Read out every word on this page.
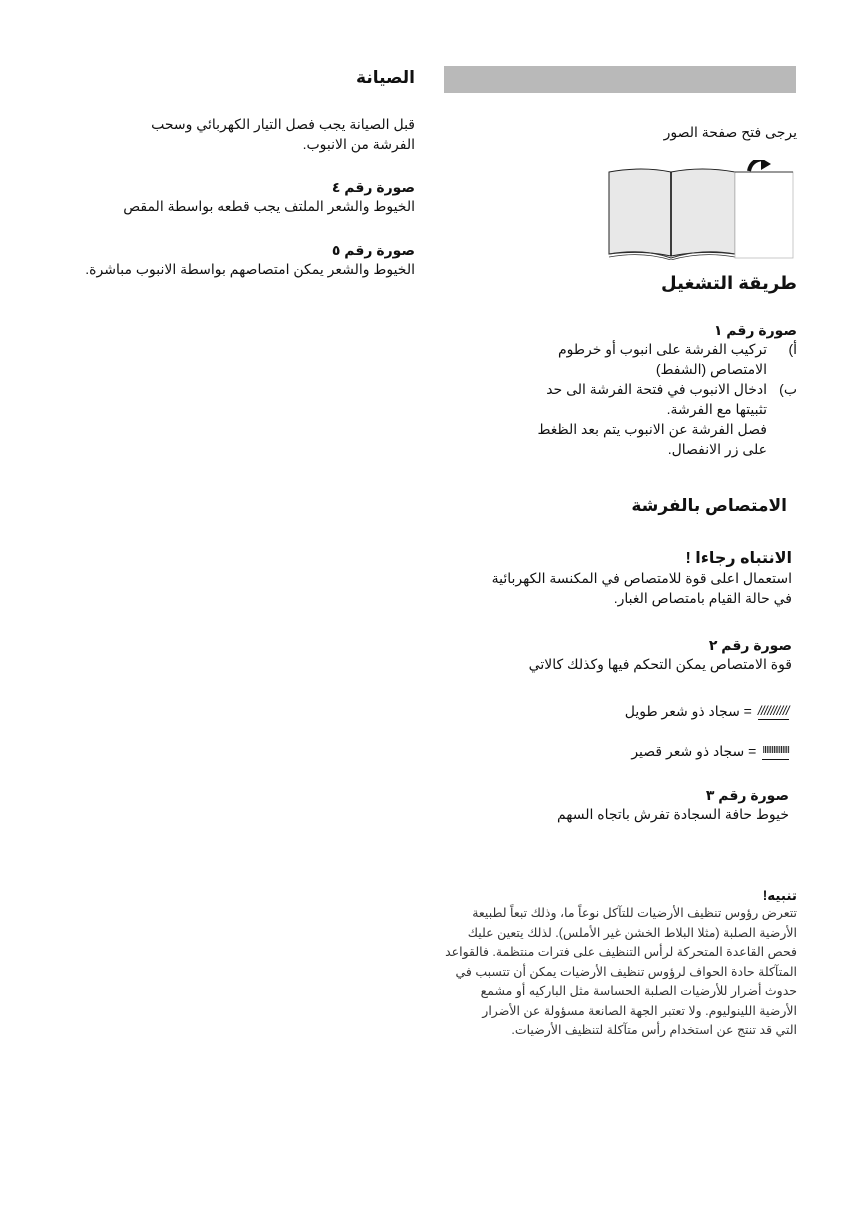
الصيانة
قبل الصيانة يجب فصل التيار الكهربائي وسحب
الفرشة من الانبوب.
صورة رقم ٤
الخيوط والشعر الملتف يجب قطعه بواسطة المقص
صورة رقم ٥
الخيوط والشعر يمكن امتصاصهم بواسطة الانبوب مباشرة.
يرجى فتح صفحة الصور
طريقة التشغيل
صورة رقم ١
أ)
تركيب الفرشة على انبوب أو خرطوم
الامتصاص (الشفط)
ب)
ادخال الانبوب في فتحة الفرشة الى حد
تثبيتها مع الفرشة.
فصل الفرشة عن الانبوب يتم بعد الظغط
على زر الانفصال.
الامتصاص بالفرشة
الانتباه رجاءا !
استعمال اعلى قوة للامتصاص في المكنسة الكهربائية
في حالة القيام بامتصاص الغبار.
صورة رقم ٢
قوة الامتصاص يمكن التحكم فيها وكذلك كالاتي
//////////
= سجاد ذو شعر طويل
IIIIIIIIIIIIIII
= سجاد ذو شعر قصير
صورة رقم ٣
خيوط حافة السجادة تفرش باتجاه السهم
تنبيه!
تتعرض رؤوس تنظيف الأرضيات للتآكل نوعاً ما، وذلك تبعاً لطبيعة
الأرضية الصلبة (مثلا البلاط الخشن غير الأملس). لذلك يتعين عليك
فحص القاعدة المتحركة لرأس التنظيف على فترات منتظمة. فالقواعد
المتآكلة حادة الحواف لرؤوس تنظيف الأرضيات يمكن أن تتسبب في
حدوث أضرار للأرضيات الصلبة الحساسة مثل الباركيه أو مشمع
الأرضية اللينوليوم. ولا تعتبر الجهة الصانعة مسؤولة عن الأضرار
التي قد تنتج عن استخدام رأس متآكلة لتنظيف الأرضيات.
